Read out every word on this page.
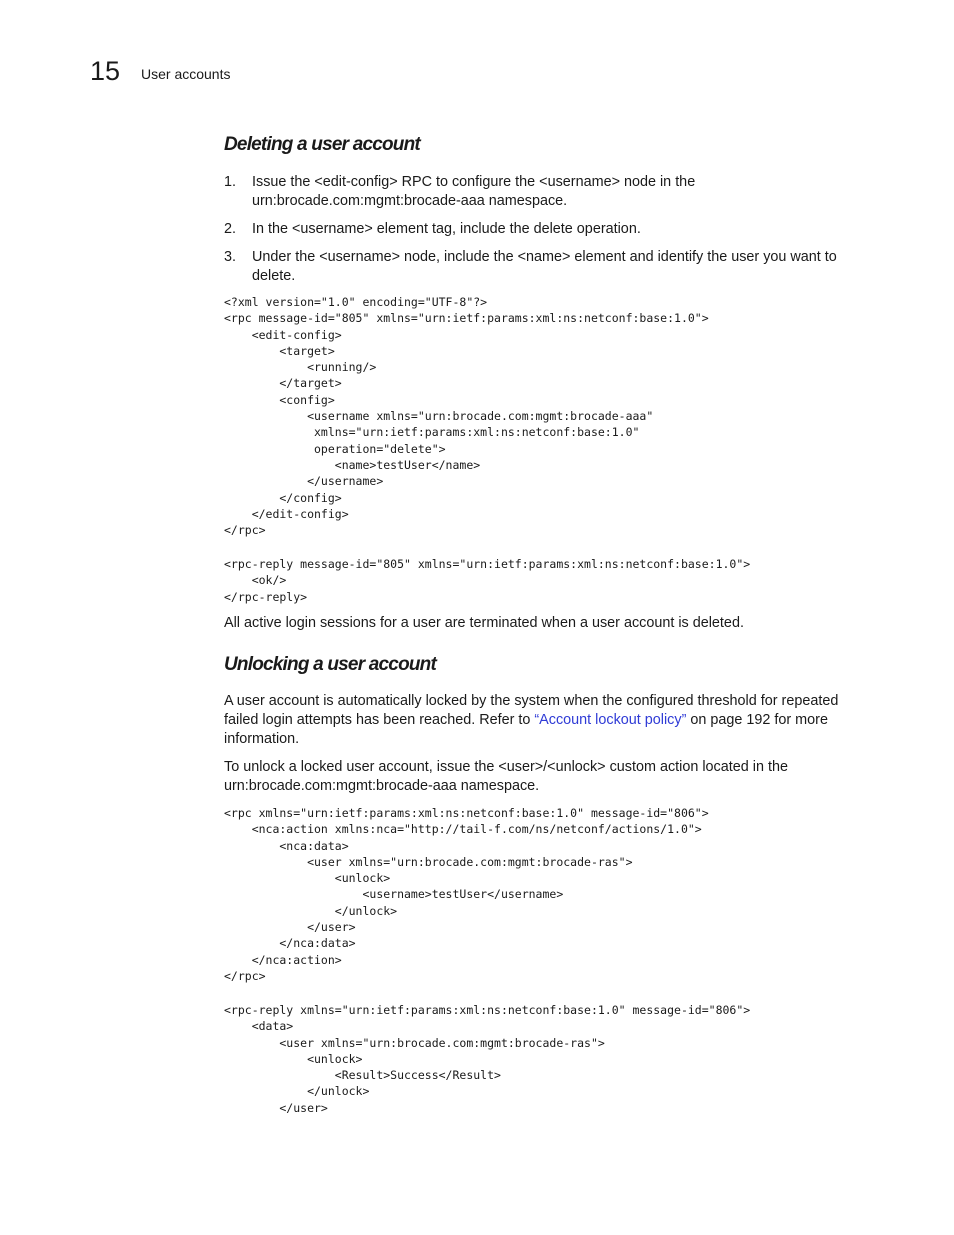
15 User accounts
Deleting a user account
1. Issue the <edit-config> RPC to configure the <username> node in the urn:brocade.com:mgmt:brocade-aaa namespace.
2. In the <username> element tag, include the delete operation.
3. Under the <username> node, include the <name> element and identify the user you want to delete.
<?xml version="1.0" encoding="UTF-8"?>
<rpc message-id="805" xmlns="urn:ietf:params:xml:ns:netconf:base:1.0">
<edit-config>
<target>
<running/>
</target>
<config>
<username xmlns="urn:brocade.com:mgmt:brocade-aaa"
xmlns="urn:ietf:params:xml:ns:netconf:base:1.0"
operation="delete">
<name>testUser</name>
</username>
</config>
</edit-config>
</rpc>
<rpc-reply message-id="805" xmlns="urn:ietf:params:xml:ns:netconf:base:1.0">
<ok/>
</rpc-reply>

All active login sessions for a user are terminated when a user account is deleted.

Unlocking a user account

A user account is automatically locked by the system when the configured threshold for repeated failed login attempts has been reached. Refer to “Account lockout policy” on page 192 for more information.

To unlock a locked user account, issue the <user>/<unlock> custom action located in the urn:brocade.com:mgmt:brocade-aaa namespace.

<rpc xmlns="urn:ietf:params:xml:ns:netconf:base:1.0" message-id="806">
<nca:action xmlns:nca="http://tail-f.com/ns/netconf/actions/1.0">
<nca:data>
<user xmlns="urn:brocade.com:mgmt:brocade-ras">
<unlock>
<username>testUser</username>
</unlock>
</user>
</nca:data>
</nca:action>
</rpc>
<rpc-reply xmlns="urn:ietf:params:xml:ns:netconf:base:1.0" message-id="806">
<data>
<user xmlns="urn:brocade.com:mgmt:brocade-ras">
<unlock>
<Result>Success</Result>
</unlock>
</user>
